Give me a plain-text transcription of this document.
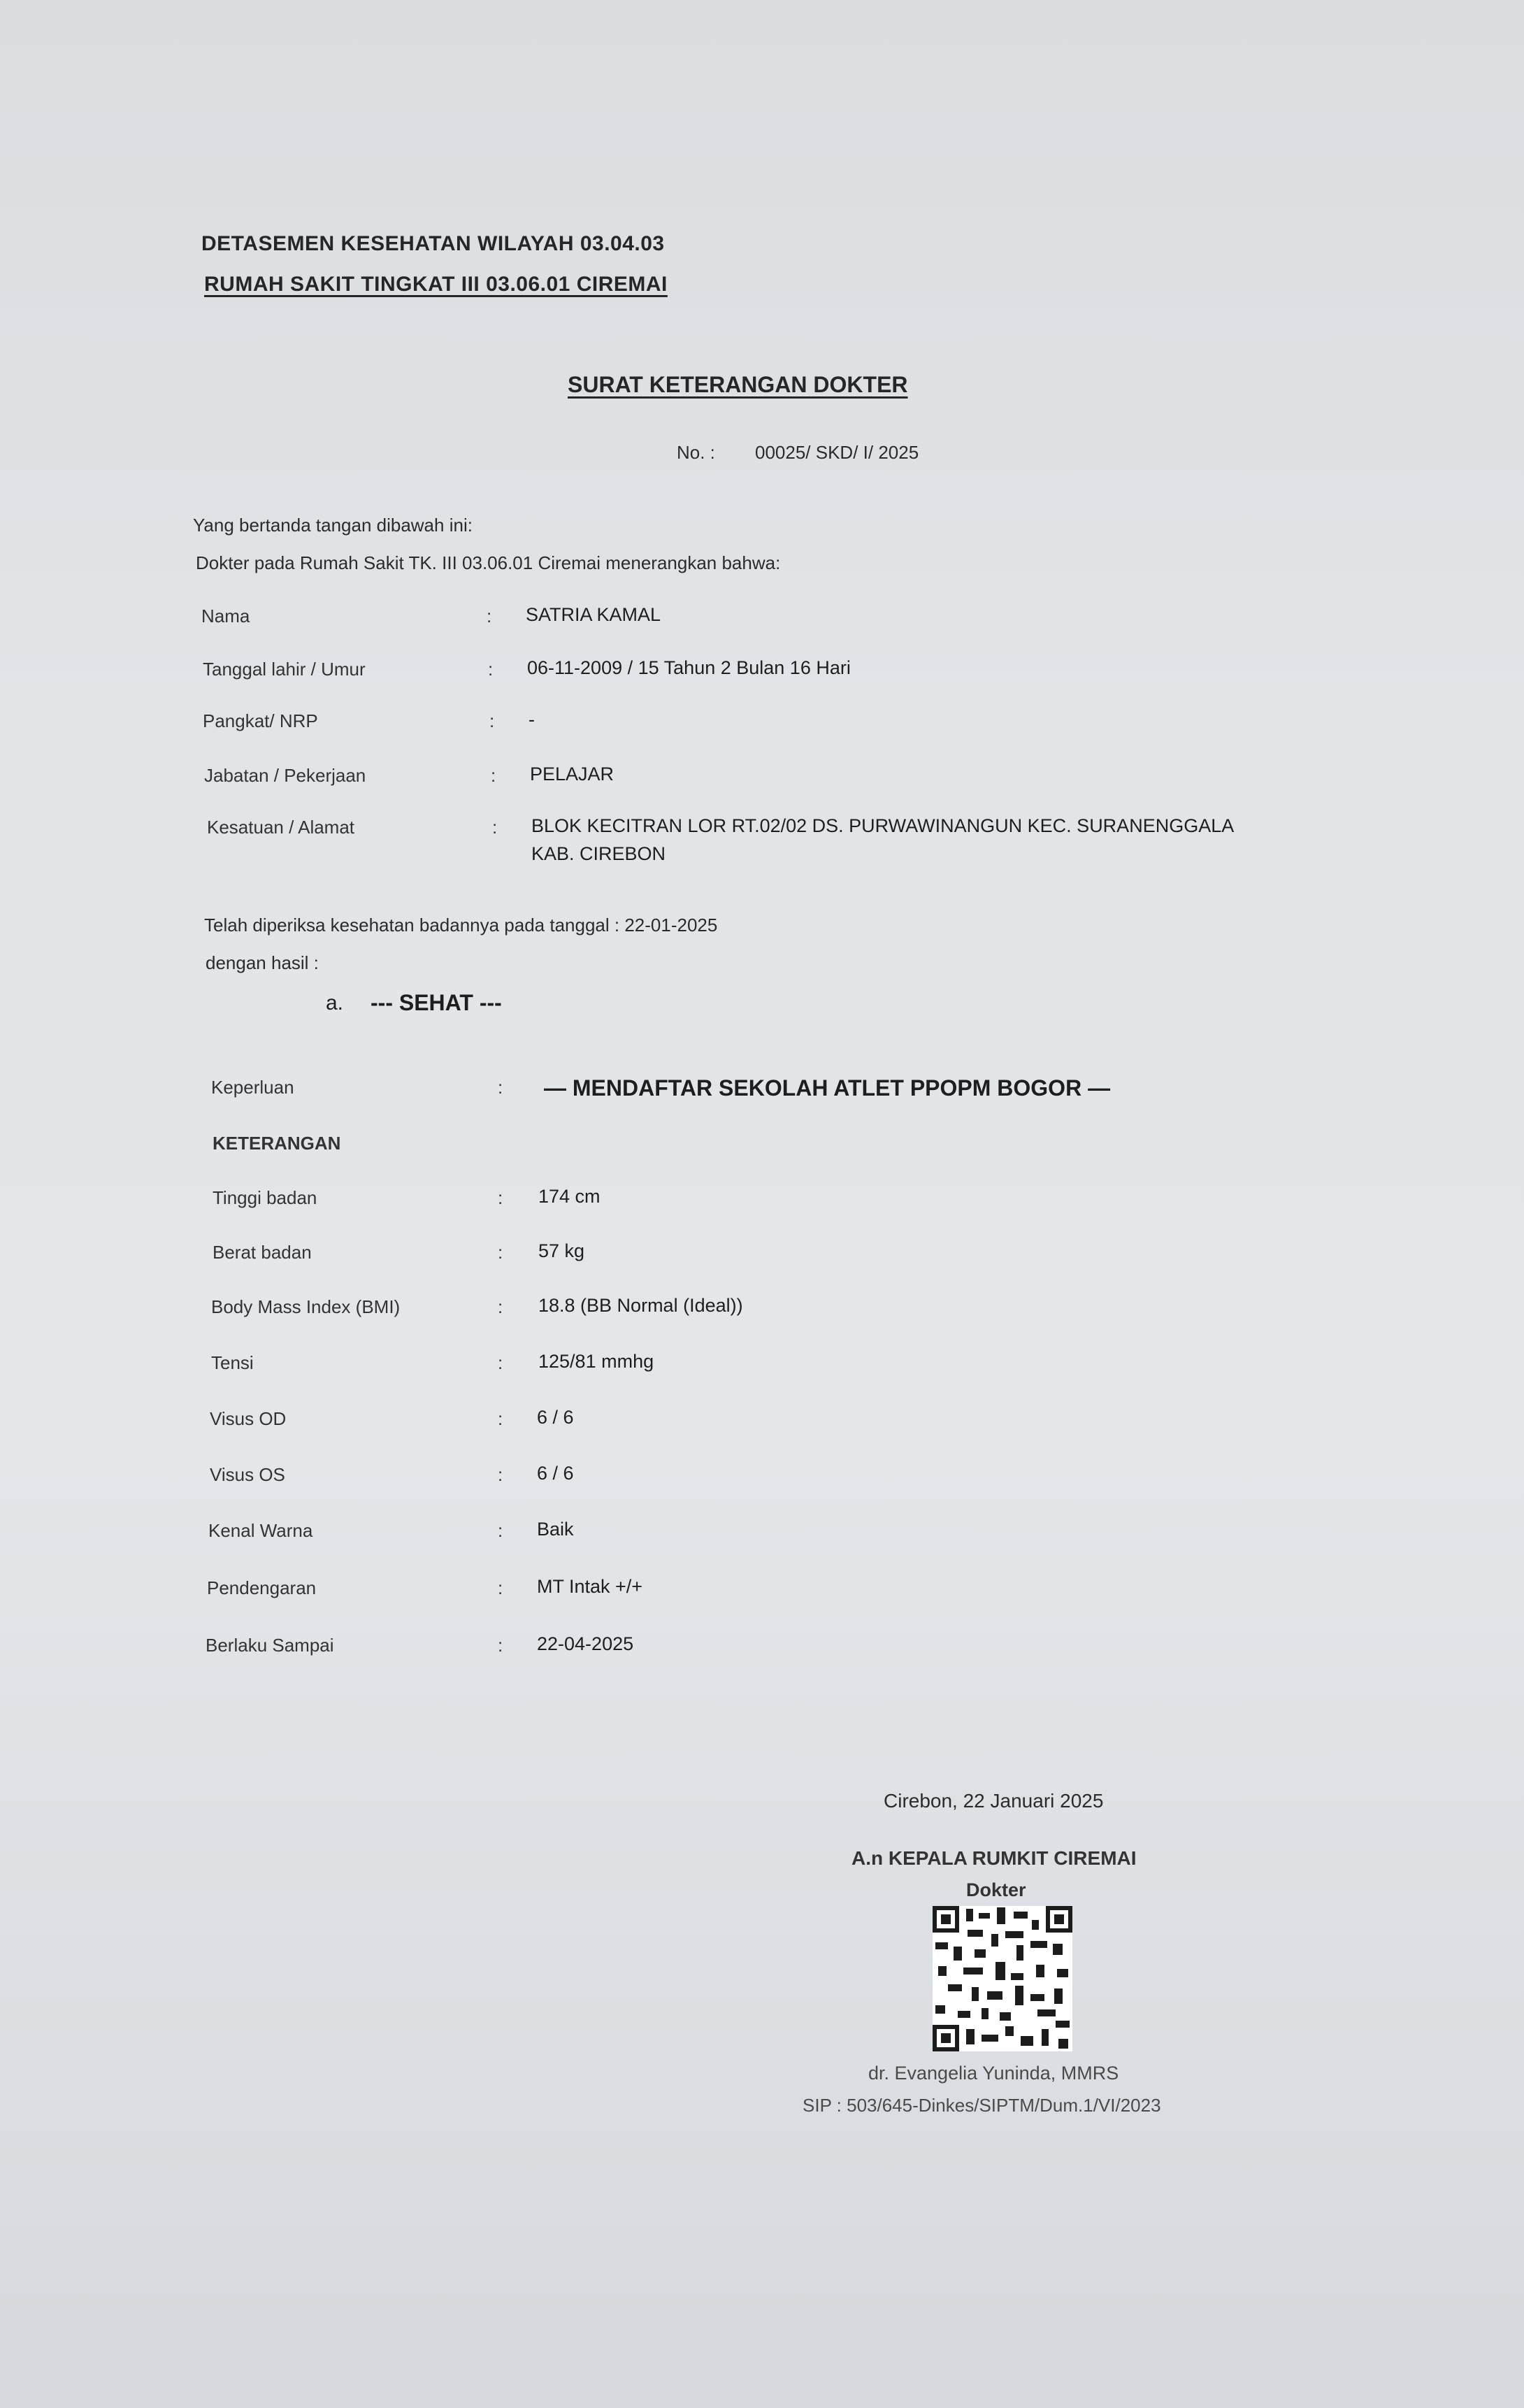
DETASEMEN KESEHATAN WILAYAH 03.04.03
RUMAH SAKIT TINGKAT III 03.06.01 CIREMAI
SURAT KETERANGAN DOKTER
No. : 00025/ SKD/ I/ 2025
Yang bertanda tangan dibawah ini:
Dokter pada Rumah Sakit TK. III 03.06.01 Ciremai menerangkan bahwa:
Nama	: SATRIA KAMAL
Tanggal lahir / Umur	: 06-11-2009 / 15 Tahun 2 Bulan 16 Hari
Pangkat/ NRP	: -
Jabatan / Pekerjaan	: PELAJAR
Kesatuan / Alamat	: BLOK KECITRAN LOR RT.02/02 DS. PURWAWINANGUN KEC. SURANENGGALA
KAB. CIREBON
Telah diperiksa kesehatan badannya pada tanggal : 22-01-2025
dengan hasil :
a. --- SEHAT ---
Keperluan	: — MENDAFTAR SEKOLAH ATLET PPOPM BOGOR —
KETERANGAN
Tinggi badan	: 174 cm
Berat badan	: 57 kg
Body Mass Index (BMI)	: 18.8 (BB Normal (Ideal))
Tensi	: 125/81 mmhg
Visus OD	: 6 / 6
Visus OS	: 6 / 6
Kenal Warna	: Baik
Pendengaran	: MT Intak +/+
Berlaku Sampai	: 22-04-2025
Cirebon, 22 Januari 2025
A.n KEPALA RUMKIT CIREMAI
Dokter
dr. Evangelia Yuninda, MMRS
SIP : 503/645-Dinkes/SIPTM/Dum.1/VI/2023
